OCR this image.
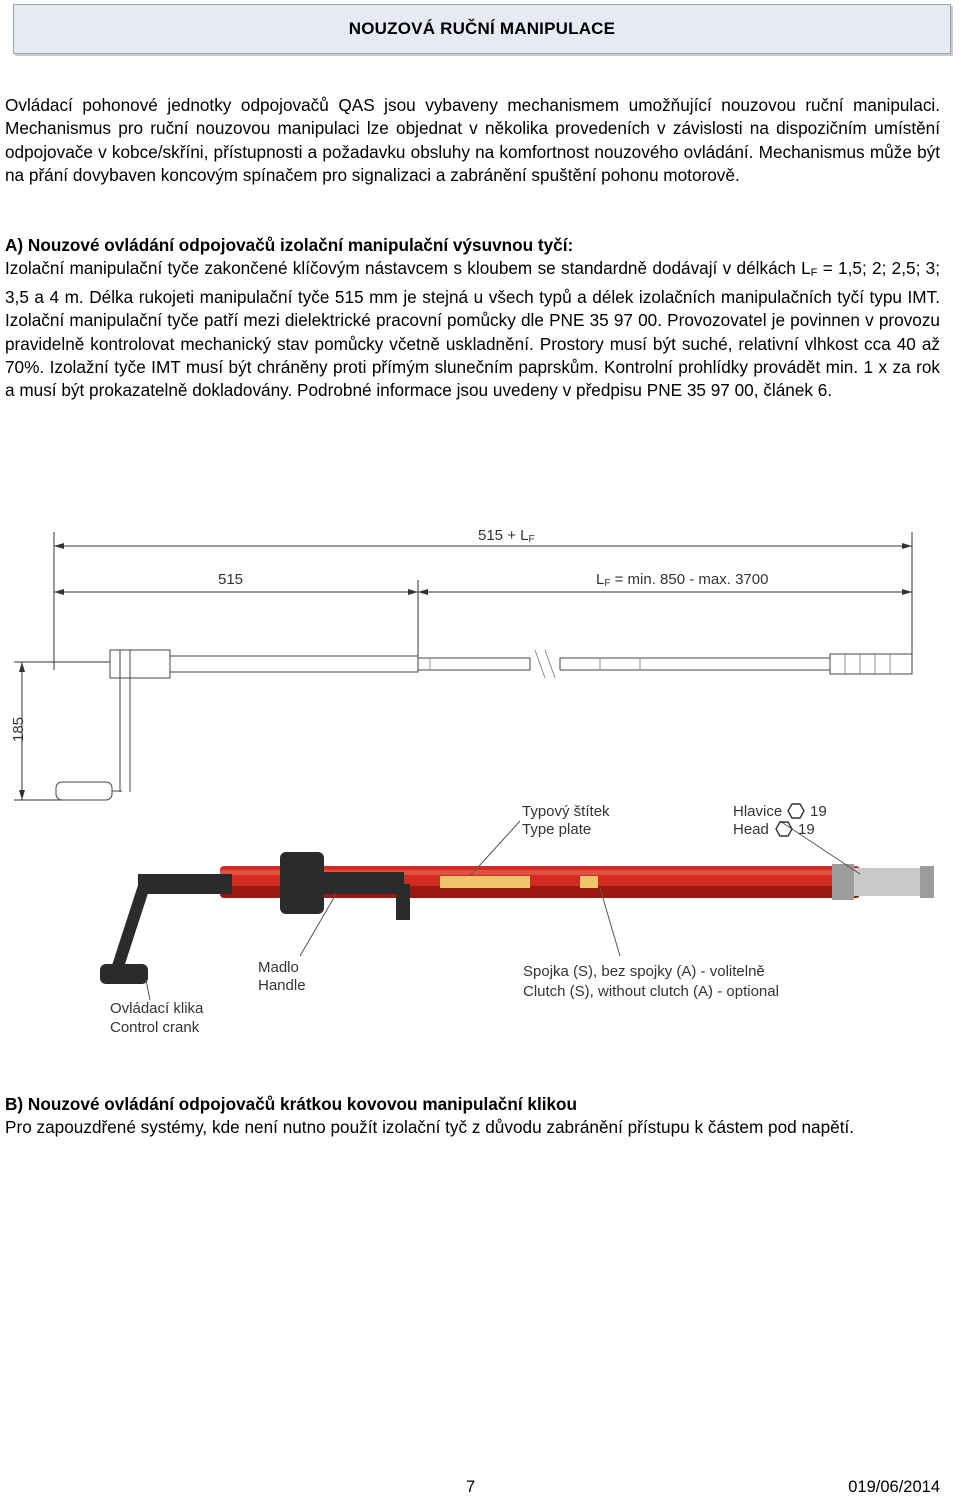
NOUZOVÁ RUČNÍ MANIPULACE

Ovládací pohonové jednotky odpojovačů QAS jsou vybaveny mechanismem umožňující nouzovou ruční manipulaci. Mechanismus pro ruční nouzovou manipulaci lze objednat v několika provedeních v závislosti na dispozičním umístění odpojovače v kobce/skříni, přístupnosti a požadavku obsluhy na komfortnost nouzového ovládání. Mechanismus může být na přání dovybaven koncovým spínačem pro signalizaci a zabránění spuštění pohonu motorově.

A) Nouzové ovládání odpojovačů izolační manipulační výsuvnou tyčí:
Izolační manipulační tyče zakončené klíčovým nástavcem s kloubem se standardně dodávají v délkách LF = 1,5; 2; 2,5; 3; 3,5 a 4 m. Délka rukojeti manipulační tyče 515 mm je stejná u všech typů a délek izolačních manipulačních tyčí typu IMT. Izolační manipulační tyče patří mezi dielektrické pracovní pomůcky dle PNE 35 97 00. Provozovatel je povinnen v provozu pravidelně kontrolovat mechanický stav pomůcky včetně uskladnění. Prostory musí být suché, relativní vlhkost cca 40 až 70%. Izolažní tyče IMT musí být chráněny proti přímým slunečním paprskům. Kontrolní prohlídky provádět min. 1 x za rok a musí být prokazatelně dokladovány. Podrobné informace jsou uvedeny v předpisu PNE 35 97 00, článek 6.
515 + LF
515	LF = min. 850 - max. 3700
185
Typový štítek
Type plate
Hlavice
Head
19
19
Madlo
Handle
Spojka (S), bez spojky (A) - volitelně
Clutch (S), without clutch (A) - optional
Ovládací klika
Control crank
B) Nouzové ovládání odpojovačů krátkou kovovou manipulační klikou
Pro zapouzdřené systémy, kde není nutno použít izolační tyč z důvodu zabránění přístupu k částem pod napětí.
7	019/06/2014
